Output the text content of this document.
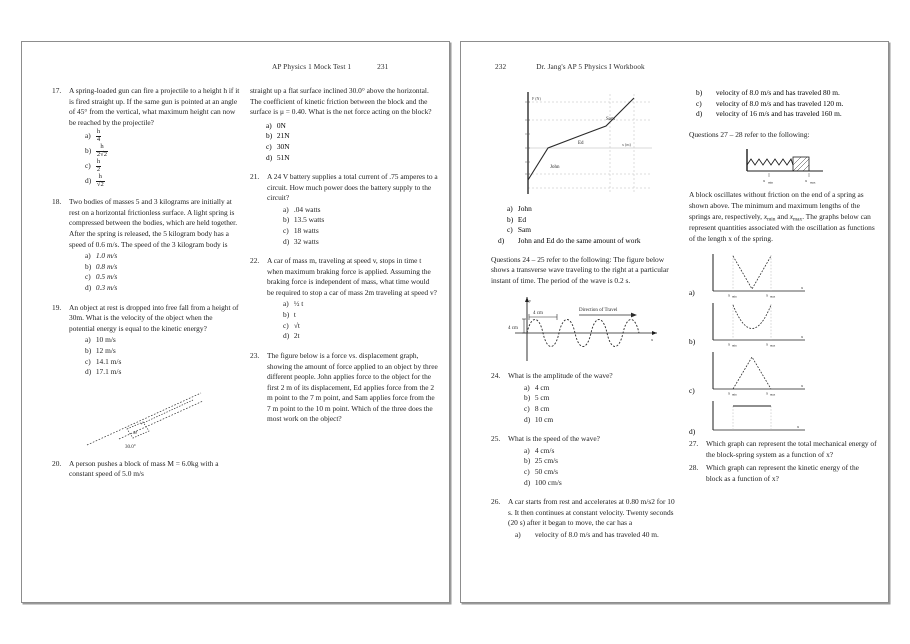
AP Physics 1 Mock Test 1	231
17.	A spring-loaded gun can fire a projectile to a height h if it is fired straight up. If the same gun is pointed at an angle of 45° from the vertical, what maximum height can now be reached by the projectile?
$a) \frac{h}{4}$
$b) \frac{h}{2√2}$
$c) \frac{h}{2}$
$d) \frac{h}{√2}$
18.	Two bodies of masses 5 and 3 kilograms are initially at rest on a horizontal frictionless surface. A light spring is compressed between the bodies, which are held together. After the spring is released, the 5 kilogram body has a speed of 0.6 m/s. The speed of the 3 kilogram body is
a) 1.0 m/s
b) 0.8 m/s
c) 0.5 m/s
d) 0.3 m/s
19.	An object at rest is dropped into free fall from a height of 30m. What is the velocity of the object when the potential energy is equal to the kinetic energy?
a) 10 m/s
b) 12 m/s
c) 14.1 m/s
d) 17.1 m/s
M
30.0°
20.	A person pushes a block of mass M = 6.0kg with a constant speed of 5.0 m/s
straight up a flat surface inclined 30.0° above the horizontal. The coefficient of kinetic friction between the block and the surface is μ = 0.40. What is the net force acting on the block?
a) 0N
b) 21N
c) 30N
d) 51N
21.	A 24 V battery supplies a total current of .75 amperes to a circuit. How much power does the battery supply to the circuit?
a) .04 watts
b) 13.5 watts
c) 18 watts
d) 32 watts
22.	A car of mass m, traveling at speed v, stops in time t when maximum braking force is applied. Assuming the braking force is independent of mass, what time would be required to stop a car of mass 2m traveling at speed v?
a) ½ t
b) t
c) √t
d) 2t
23.	The figure below is a force vs. displacement graph, showing the amount of force applied to an object by three different people. John applies force to the object for the first 2 m of its displacement, Ed applies force from the 2 m point to the 7 m point, and Sam applies force from the 7 m point to the 10 m point. Which of the three does the most work on the object?
232	Dr. Jang's AP 5 Physics I Workbook
John
Ed
Sam
F (N)
x (m)
a) John
b) Ed
c) Sam
d) John and Ed do the same amount of work
Questions 24 – 25 refer to the following: The figure below shows a transverse wave traveling to the right at a particular instant of time. The period of the wave is 0.2 s.
4 cm
4 cm
Direction of Travel
y
x
24.	What is the amplitude of the wave?
a) 4 cm
b) 5 cm
c) 8 cm
d) 10 cm
25.	What is the speed of the wave?
a) 4 cm/s
b) 25 cm/s
c) 50 cm/s
d) 100 cm/s
26.	A car starts from rest and accelerates at 0.80 m/s2 for 10 s. It then continues at constant velocity. Twenty seconds (20 s) after it began to move, the car has a
a) velocity of 8.0 m/s and has traveled 40 m.
b) velocity of 8.0 m/s and has traveled 80 m.
c) velocity of 8.0 m/s and has traveled 120 m.
d) velocity of 16 m/s and has traveled 160 m.
Questions 27 – 28 refer to the following:
x min	x max
A block oscillates without friction on the end of a spring as shown above. The minimum and maximum lengths of the springs are, respectively, $x_{min}$ and $x_{max}$. The graphs below can represent quantities associated with the oscillation as functions of the length x of the spring.
a)	x min	x max
x
b)	x min	x max
x
c)	x min	x max
x
d)
x
27.	Which graph can represent the total mechanical energy of the block-spring system as a function of x?
28.	Which graph can represent the kinetic energy of the block as a function of x?
